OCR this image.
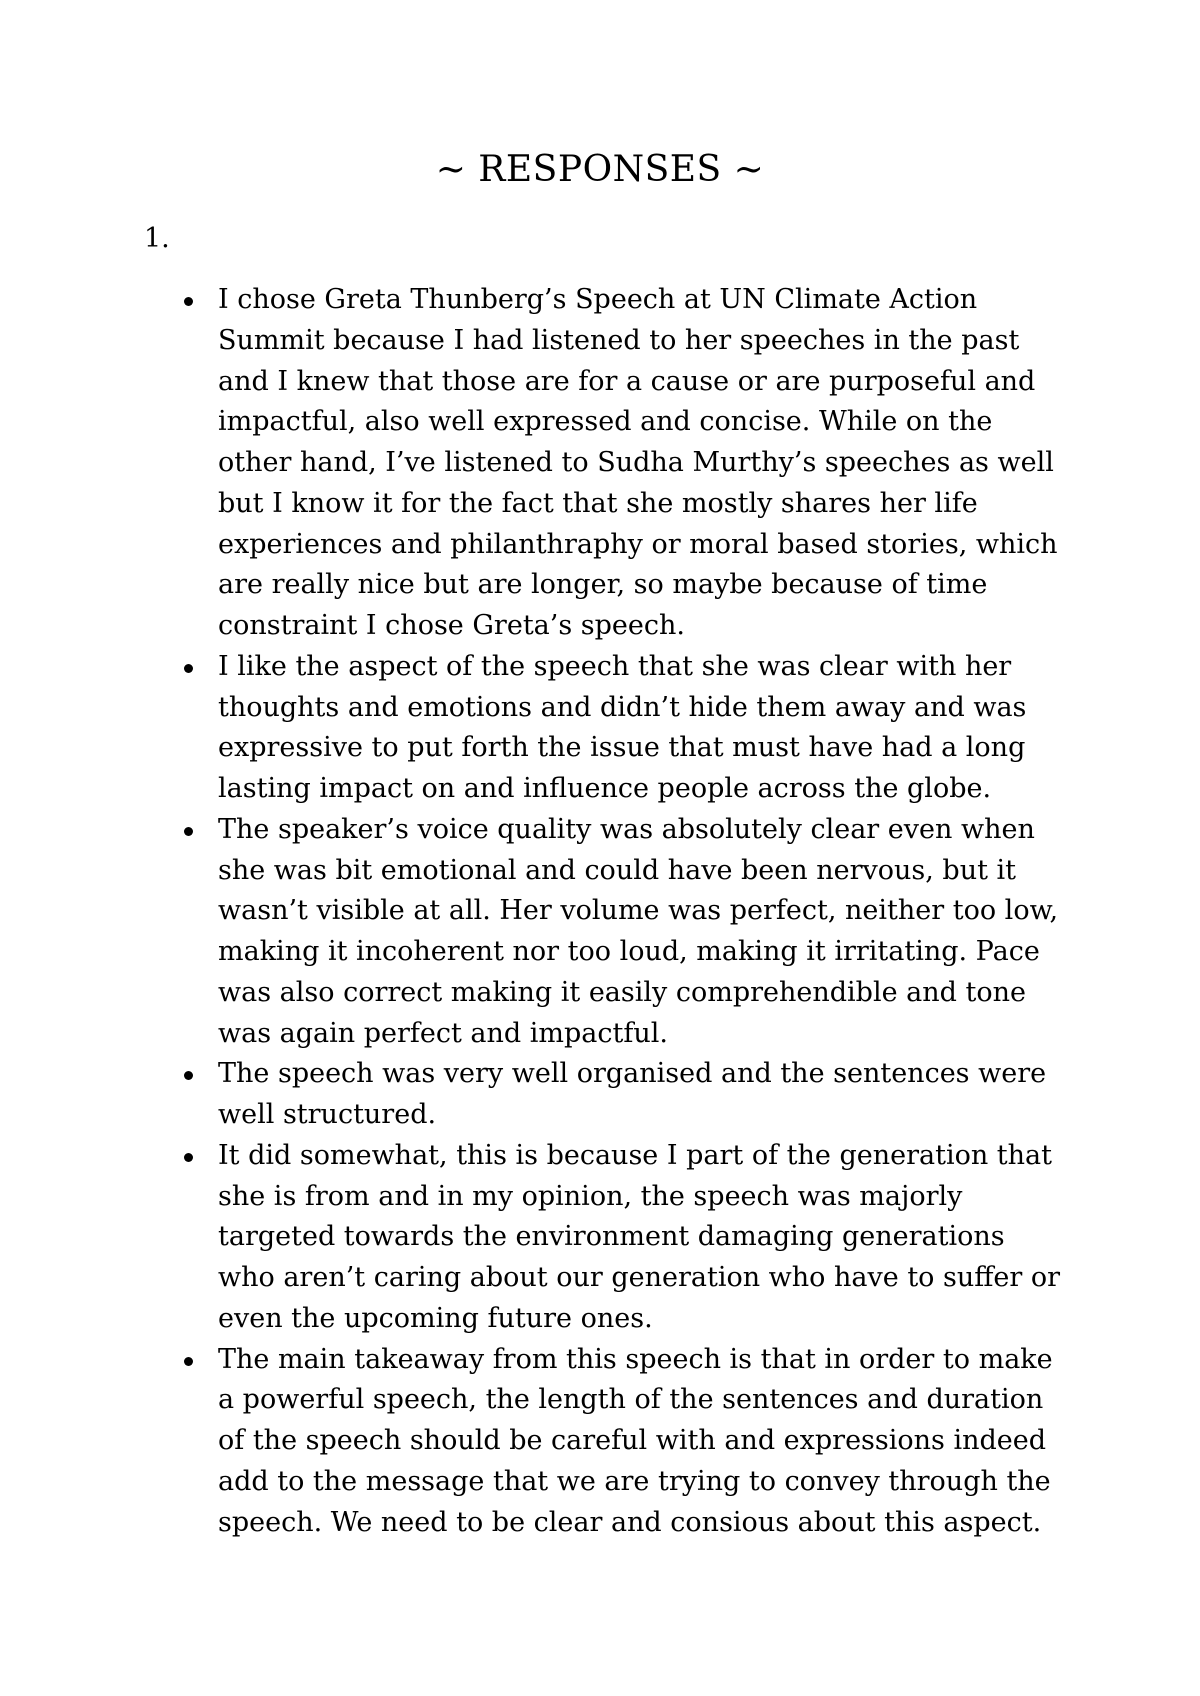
~ RESPONSES ~
1.
I chose Greta Thunberg’s Speech at UN Climate Action Summit because I had listened to her speeches in the past and I knew that those are for a cause or are purposeful and impactful, also well expressed and concise. While on the other hand, I’ve listened to Sudha Murthy’s speeches as well but I know it for the fact that she mostly shares her life experiences and philanthraphy or moral based stories, which are really nice but are longer, so maybe because of time constraint I chose Greta’s speech.
I like the aspect of the speech that she was clear with her thoughts and emotions and didn’t hide them away and was expressive to put forth the issue that must have had a long lasting impact on and influence people across the globe.
The speaker’s voice quality was absolutely clear even when she was bit emotional and could have been nervous, but it wasn’t visible at all. Her volume was perfect, neither too low, making it incoherent nor too loud, making it irritating. Pace was also correct making it easily comprehendible and tone was again perfect and impactful.
The speech was very well organised and the sentences were well structured.
It did somewhat, this is because I part of the generation that she is from and in my opinion, the speech was majorly targeted towards the environment damaging generations who aren’t caring about our generation who have to suffer or even the upcoming future ones.
The main takeaway from this speech is that in order to make a powerful speech, the length of the sentences and duration of the speech should be careful with and expressions indeed add to the message that we are trying to convey through the speech. We need to be clear and consious about this aspect.
